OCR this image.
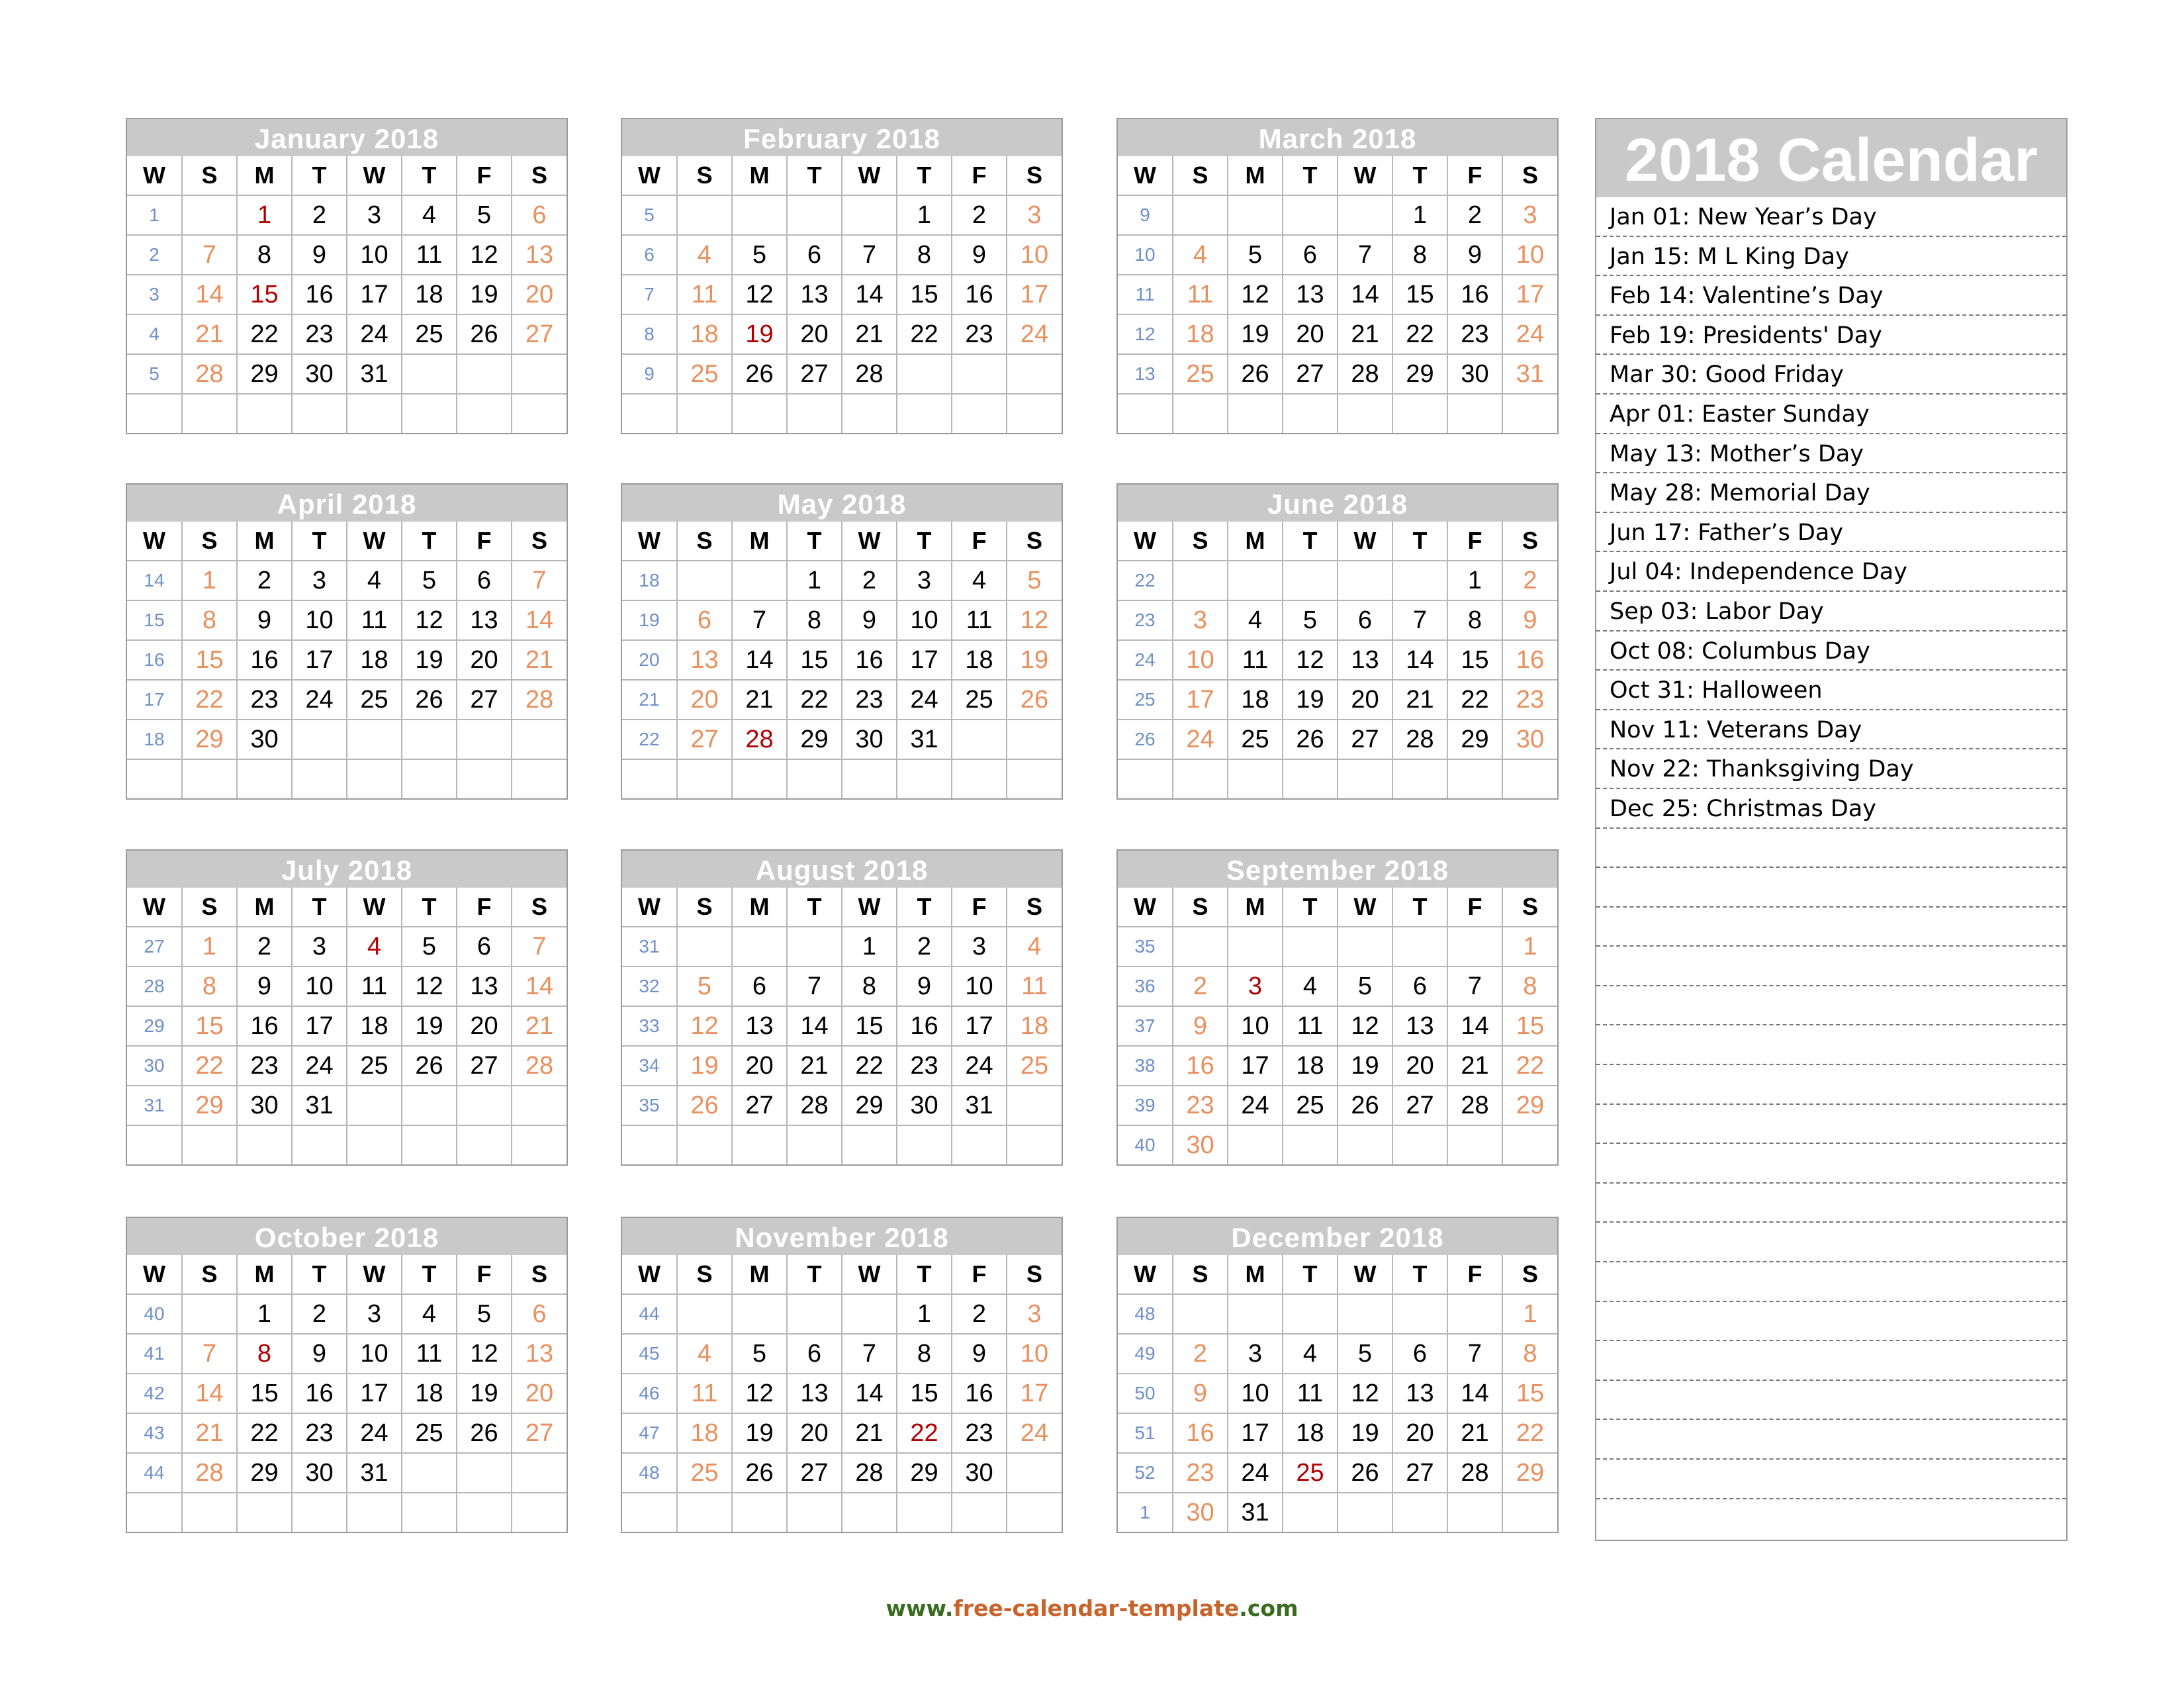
January 2018
W	S	M	T	W	T	F	S
1		1	2	3	4	5	6
2	7	8	9	10	11	12	13
3	14	15	16	17	18	19	20
4	21	22	23	24	25	26	27
5	28	29	30	31			

February 2018
W	S	M	T	W	T	F	S
5					1	2	3
6	4	5	6	7	8	9	10
7	11	12	13	14	15	16	17
8	18	19	20	21	22	23	24
9	25	26	27	28			

March 2018
W	S	M	T	W	T	F	S
9					1	2	3
10	4	5	6	7	8	9	10
11	11	12	13	14	15	16	17
12	18	19	20	21	22	23	24
13	25	26	27	28	29	30	31

April 2018
W	S	M	T	W	T	F	S
14	1	2	3	4	5	6	7
15	8	9	10	11	12	13	14
16	15	16	17	18	19	20	21
17	22	23	24	25	26	27	28
18	29	30					

May 2018
W	S	M	T	W	T	F	S
18			1	2	3	4	5
19	6	7	8	9	10	11	12
20	13	14	15	16	17	18	19
21	20	21	22	23	24	25	26
22	27	28	29	30	31		

June 2018
W	S	M	T	W	T	F	S
22						1	2
23	3	4	5	6	7	8	9
24	10	11	12	13	14	15	16
25	17	18	19	20	21	22	23
26	24	25	26	27	28	29	30

July 2018
W	S	M	T	W	T	F	S
27	1	2	3	4	5	6	7
28	8	9	10	11	12	13	14
29	15	16	17	18	19	20	21
30	22	23	24	25	26	27	28
31	29	30	31				

August 2018
W	S	M	T	W	T	F	S
31				1	2	3	4
32	5	6	7	8	9	10	11
33	12	13	14	15	16	17	18
34	19	20	21	22	23	24	25
35	26	27	28	29	30	31	

September 2018
W	S	M	T	W	T	F	S
35							1
36	2	3	4	5	6	7	8
37	9	10	11	12	13	14	15
38	16	17	18	19	20	21	22
39	23	24	25	26	27	28	29
40	30						
October 2018
W	S	M	T	W	T	F	S
40		1	2	3	4	5	6
41	7	8	9	10	11	12	13
42	14	15	16	17	18	19	20
43	21	22	23	24	25	26	27
44	28	29	30	31			

November 2018
W	S	M	T	W	T	F	S
44					1	2	3
45	4	5	6	7	8	9	10
46	11	12	13	14	15	16	17
47	18	19	20	21	22	23	24
48	25	26	27	28	29	30	

December 2018
W	S	M	T	W	T	F	S
48							1
49	2	3	4	5	6	7	8
50	9	10	11	12	13	14	15
51	16	17	18	19	20	21	22
52	23	24	25	26	27	28	29
1	30	31					
2018 Calendar
Jan 01: New Year’s Day
Jan 15: M L King Day
Feb 14: Valentine’s Day
Feb 19: Presidents' Day
Mar 30: Good Friday
Apr 01: Easter Sunday
May 13: Mother’s Day
May 28: Memorial Day
Jun 17: Father’s Day
Jul 04: Independence Day
Sep 03: Labor Day
Oct 08: Columbus Day
Oct 31: Halloween
Nov 11: Veterans Day
Nov 22: Thanksgiving Day
Dec 25: Christmas Day
www.free-calendar-template.com
